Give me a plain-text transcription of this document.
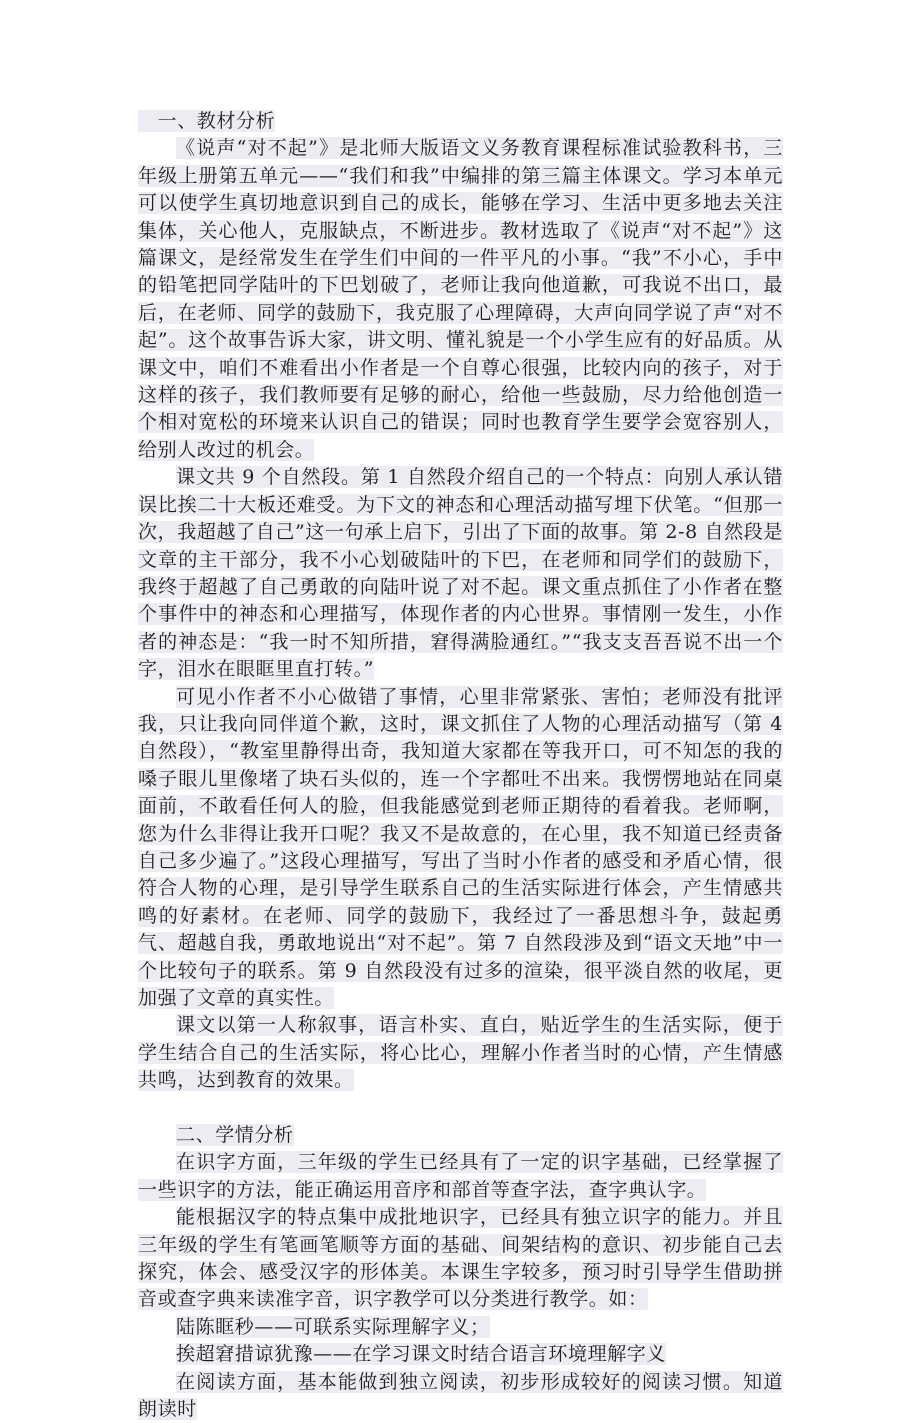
　一、教材分析

《说声“对不起”》是北师大版语文义务教育课程标准试验教科书，三年级上册第五单元——“我们和我”中编排的第三篇主体课文。学习本单元可以使学生真切地意识到自己的成长，能够在学习、生活中更多地去关注集体，关心他人，克服缺点，不断进步。教材选取了《说声“对不起”》这篇课文，是经常发生在学生们中间的一件平凡的小事。“我”不小心，手中的铅笔把同学陆叶的下巴划破了，老师让我向他道歉，可我说不出口，最后，在老师、同学的鼓励下，我克服了心理障碍，大声向同学说了声“对不起”。这个故事告诉大家，讲文明、懂礼貌是一个小学生应有的好品质。从课文中，咱们不难看出小作者是一个自尊心很强，比较内向的孩子，对于这样的孩子，我们教师要有足够的耐心，给他一些鼓励，尽力给他创造一个相对宽松的环境来认识自己的错误；同时也教育学生要学会宽容别人，给别人改过的机会。

课文共 9 个自然段。第 1 自然段介绍自己的一个特点：向别人承认错误比挨二十大板还难受。为下文的神态和心理活动描写埋下伏笔。“但那一次，我超越了自己”这一句承上启下，引出了下面的故事。第 2-8 自然段是文章的主干部分，我不小心划破陆叶的下巴，在老师和同学们的鼓励下，我终于超越了自己勇敢的向陆叶说了对不起。课文重点抓住了小作者在整个事件中的神态和心理描写，体现作者的内心世界。事情刚一发生，小作者的神态是：“我一时不知所措，窘得满脸通红。”“我支支吾吾说不出一个字，泪水在眼眶里直打转。”

可见小作者不小心做错了事情，心里非常紧张、害怕；老师没有批评我，只让我向同伴道个歉，这时，课文抓住了人物的心理活动描写（第 4 自然段），“教室里静得出奇，我知道大家都在等我开口，可不知怎的我的嗓子眼儿里像堵了块石头似的，连一个字都吐不出来。我愣愣地站在同桌面前，不敢看任何人的脸，但我能感觉到老师正期待的看着我。老师啊，您为什么非得让我开口呢？我又不是故意的，在心里，我不知道已经责备自己多少遍了。”这段心理描写，写出了当时小作者的感受和矛盾心情，很符合人物的心理，是引导学生联系自己的生活实际进行体会，产生情感共鸣的好素材。在老师、同学的鼓励下，我经过了一番思想斗争，鼓起勇气、超越自我，勇敢地说出“对不起”。第 7 自然段涉及到“语文天地”中一个比较句子的联系。第 9 自然段没有过多的渲染，很平淡自然的收尾，更加强了文章的真实性。

课文以第一人称叙事，语言朴实、直白，贴近学生的生活实际，便于学生结合自己的生活实际，将心比心，理解小作者当时的心情，产生情感共鸣，达到教育的效果。

二、学情分析

在识字方面，三年级的学生已经具有了一定的识字基础，已经掌握了一些识字的方法，能正确运用音序和部首等查字法，查字典认字。

能根据汉字的特点集中成批地识字，已经具有独立识字的能力。并且三年级的学生有笔画笔顺等方面的基础、间架结构的意识、初步能自己去探究，体会、感受汉字的形体美。本课生字较多，预习时引导学生借助拼音或查字典来读准字音，识字教学可以分类进行教学。如：

陆陈眶秒——可联系实际理解字义；

挨超窘措谅犹豫——在学习课文时结合语言环境理解字义

在阅读方面，基本能做到独立阅读，初步形成较好的阅读习惯。知道朗读时
